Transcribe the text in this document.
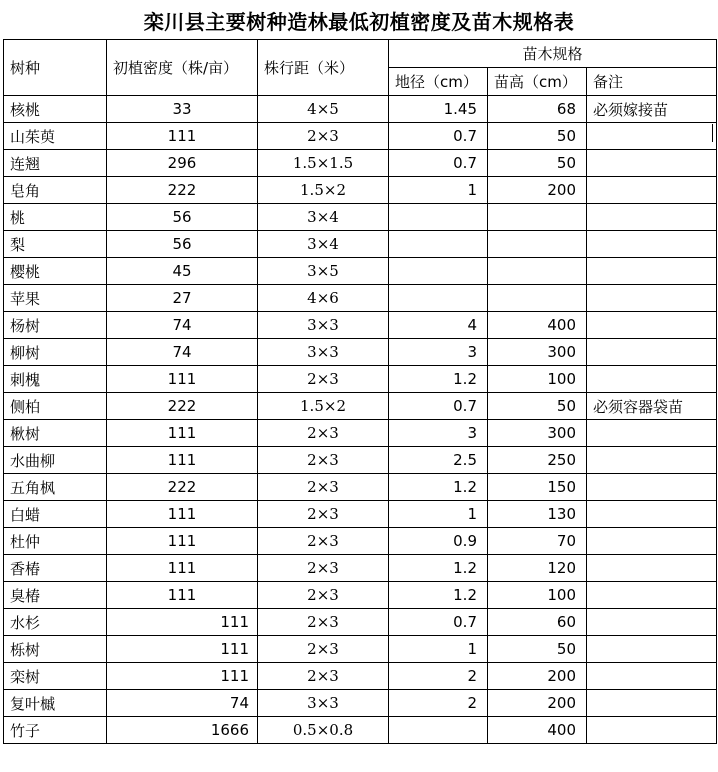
栾川县主要树种造林最低初植密度及苗木规格表
树种	初植密度（株/亩）	株行距（米）	苗木规格		
			地径（cm）	苗高（cm）	备注
核桃	33	4×5	1.45	68	必须嫁接苗
山茱萸	111	2×3	0.7	50	
连翘	296	1.5×1.5	0.7	50	
皂角	222	1.5×2	1	200	
桃	56	3×4			
梨	56	3×4			
樱桃	45	3×5			
苹果	27	4×6			
杨树	74	3×3	4	400	
柳树	74	3×3	3	300	
刺槐	111	2×3	1.2	100	
侧柏	222	1.5×2	0.7	50	必须容器袋苗
楸树	111	2×3	3	300	
水曲柳	111	2×3	2.5	250	
五角枫	222	2×3	1.2	150	
白蜡	111	2×3	1	130	
杜仲	111	2×3	0.9	70	
香椿	111	2×3	1.2	120	
臭椿	111	2×3	1.2	100	
水杉	111	2×3	0.7	60	
栎树	111	2×3	1	50	
栾树	111	2×3	2	200	
复叶槭	74	3×3	2	200	
竹子	1666	0.5×0.8		400	
